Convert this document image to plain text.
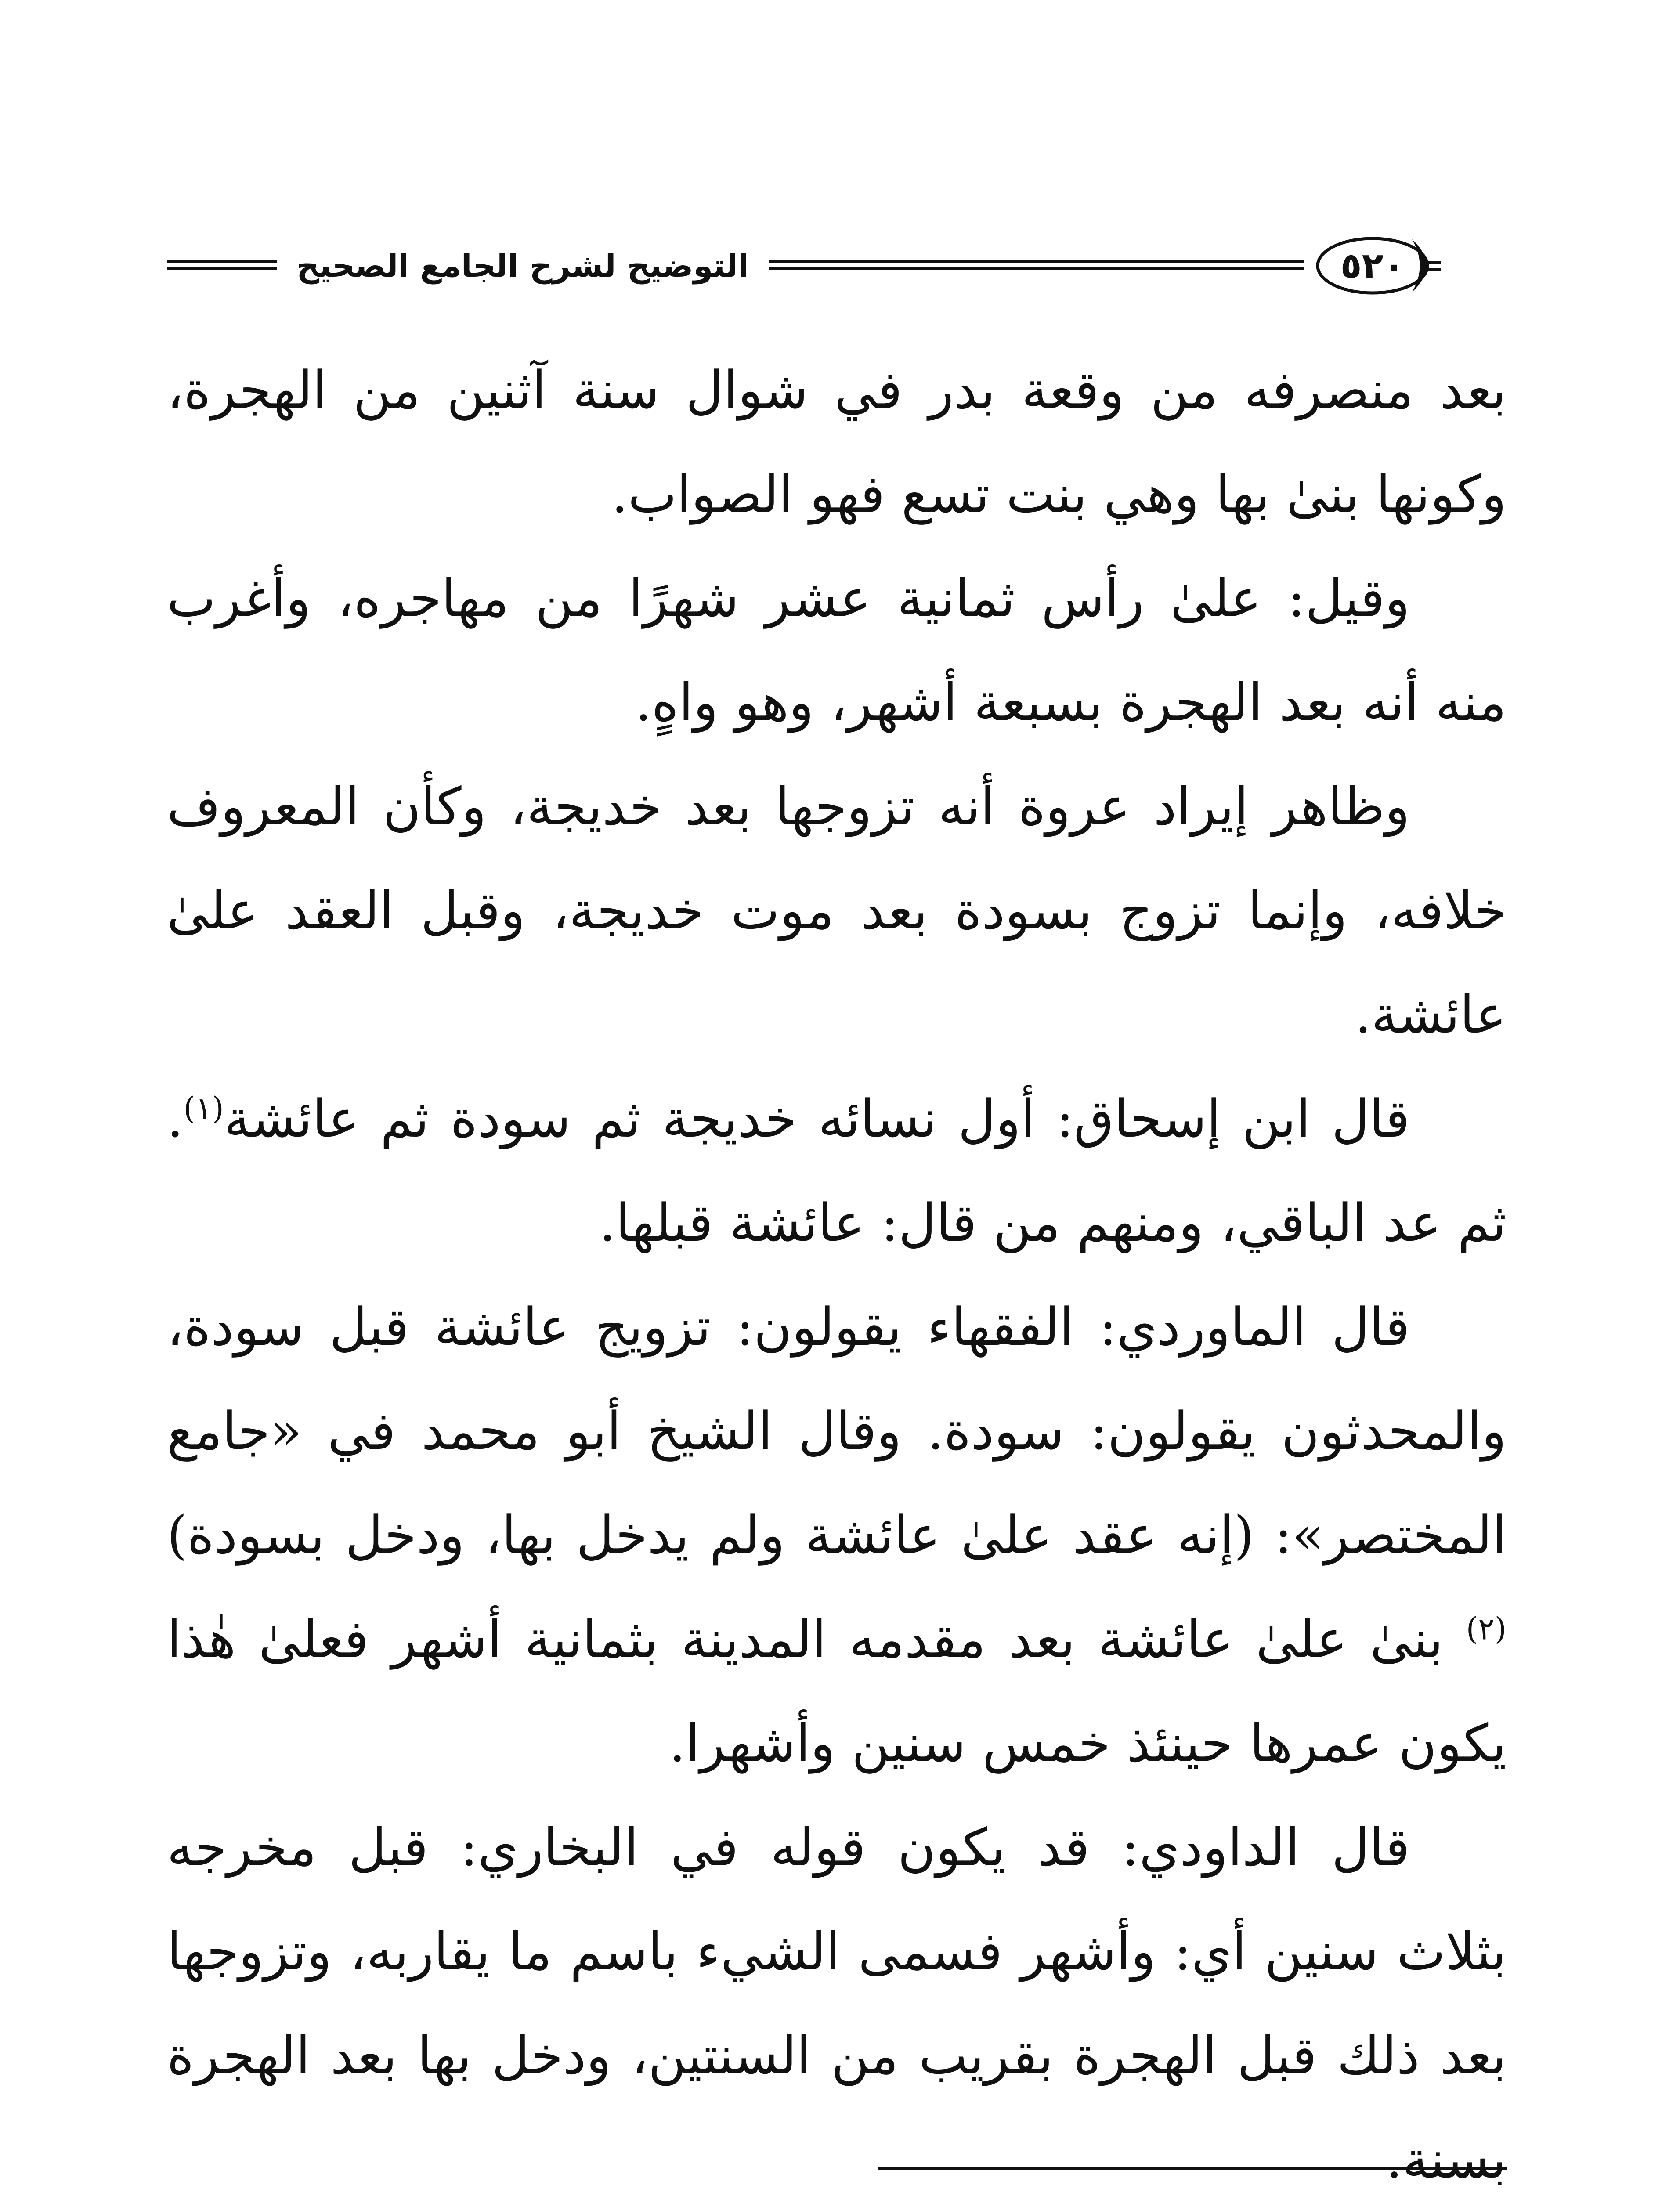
التوضيح لشرح الجامع الصحيح	٥٢٠

بعد منصرفه من وقعة بدر في شوال سنة آثنين من الهجرة، وكونها بنىٰ بها وهي بنت تسع فهو الصواب.

وقيل: علىٰ رأس ثمانية عشر شهرًا من مهاجره، وأغرب منه أنه بعد الهجرة بسبعة أشهر، وهو واهٍ.

وظاهر إيراد عروة أنه تزوجها بعد خديجة، وكأن المعروف خلافه، وإنما تزوج بسودة بعد موت خديجة، وقبل العقد علىٰ عائشة.

قال ابن إسحاق: أول نسائه خديجة ثم سودة ثم عائشة$^{(١)}$. ثم عد الباقي، ومنهم من قال: عائشة قبلها.

قال الماوردي: الفقهاء يقولون: تزويج عائشة قبل سودة، والمحدثون يقولون: سودة. وقال الشيخ أبو محمد في «جامع المختصر»: (إنه عقد علىٰ عائشة ولم يدخل بها، ودخل بسودة)$^{(٢)}$ بنىٰ علىٰ عائشة بعد مقدمه المدينة بثمانية أشهر فعلىٰ هٰذا يكون عمرها حينئذ خمس سنين وأشهرا.

قال الداودي: قد يكون قوله في البخاري: قبل مخرجه بثلاث سنين أي: وأشهر فسمى الشيء باسم ما يقاربه، وتزوجها بعد ذلك قبل الهجرة بقريب من السنتين، ودخل بها بعد الهجرة بسنة.
